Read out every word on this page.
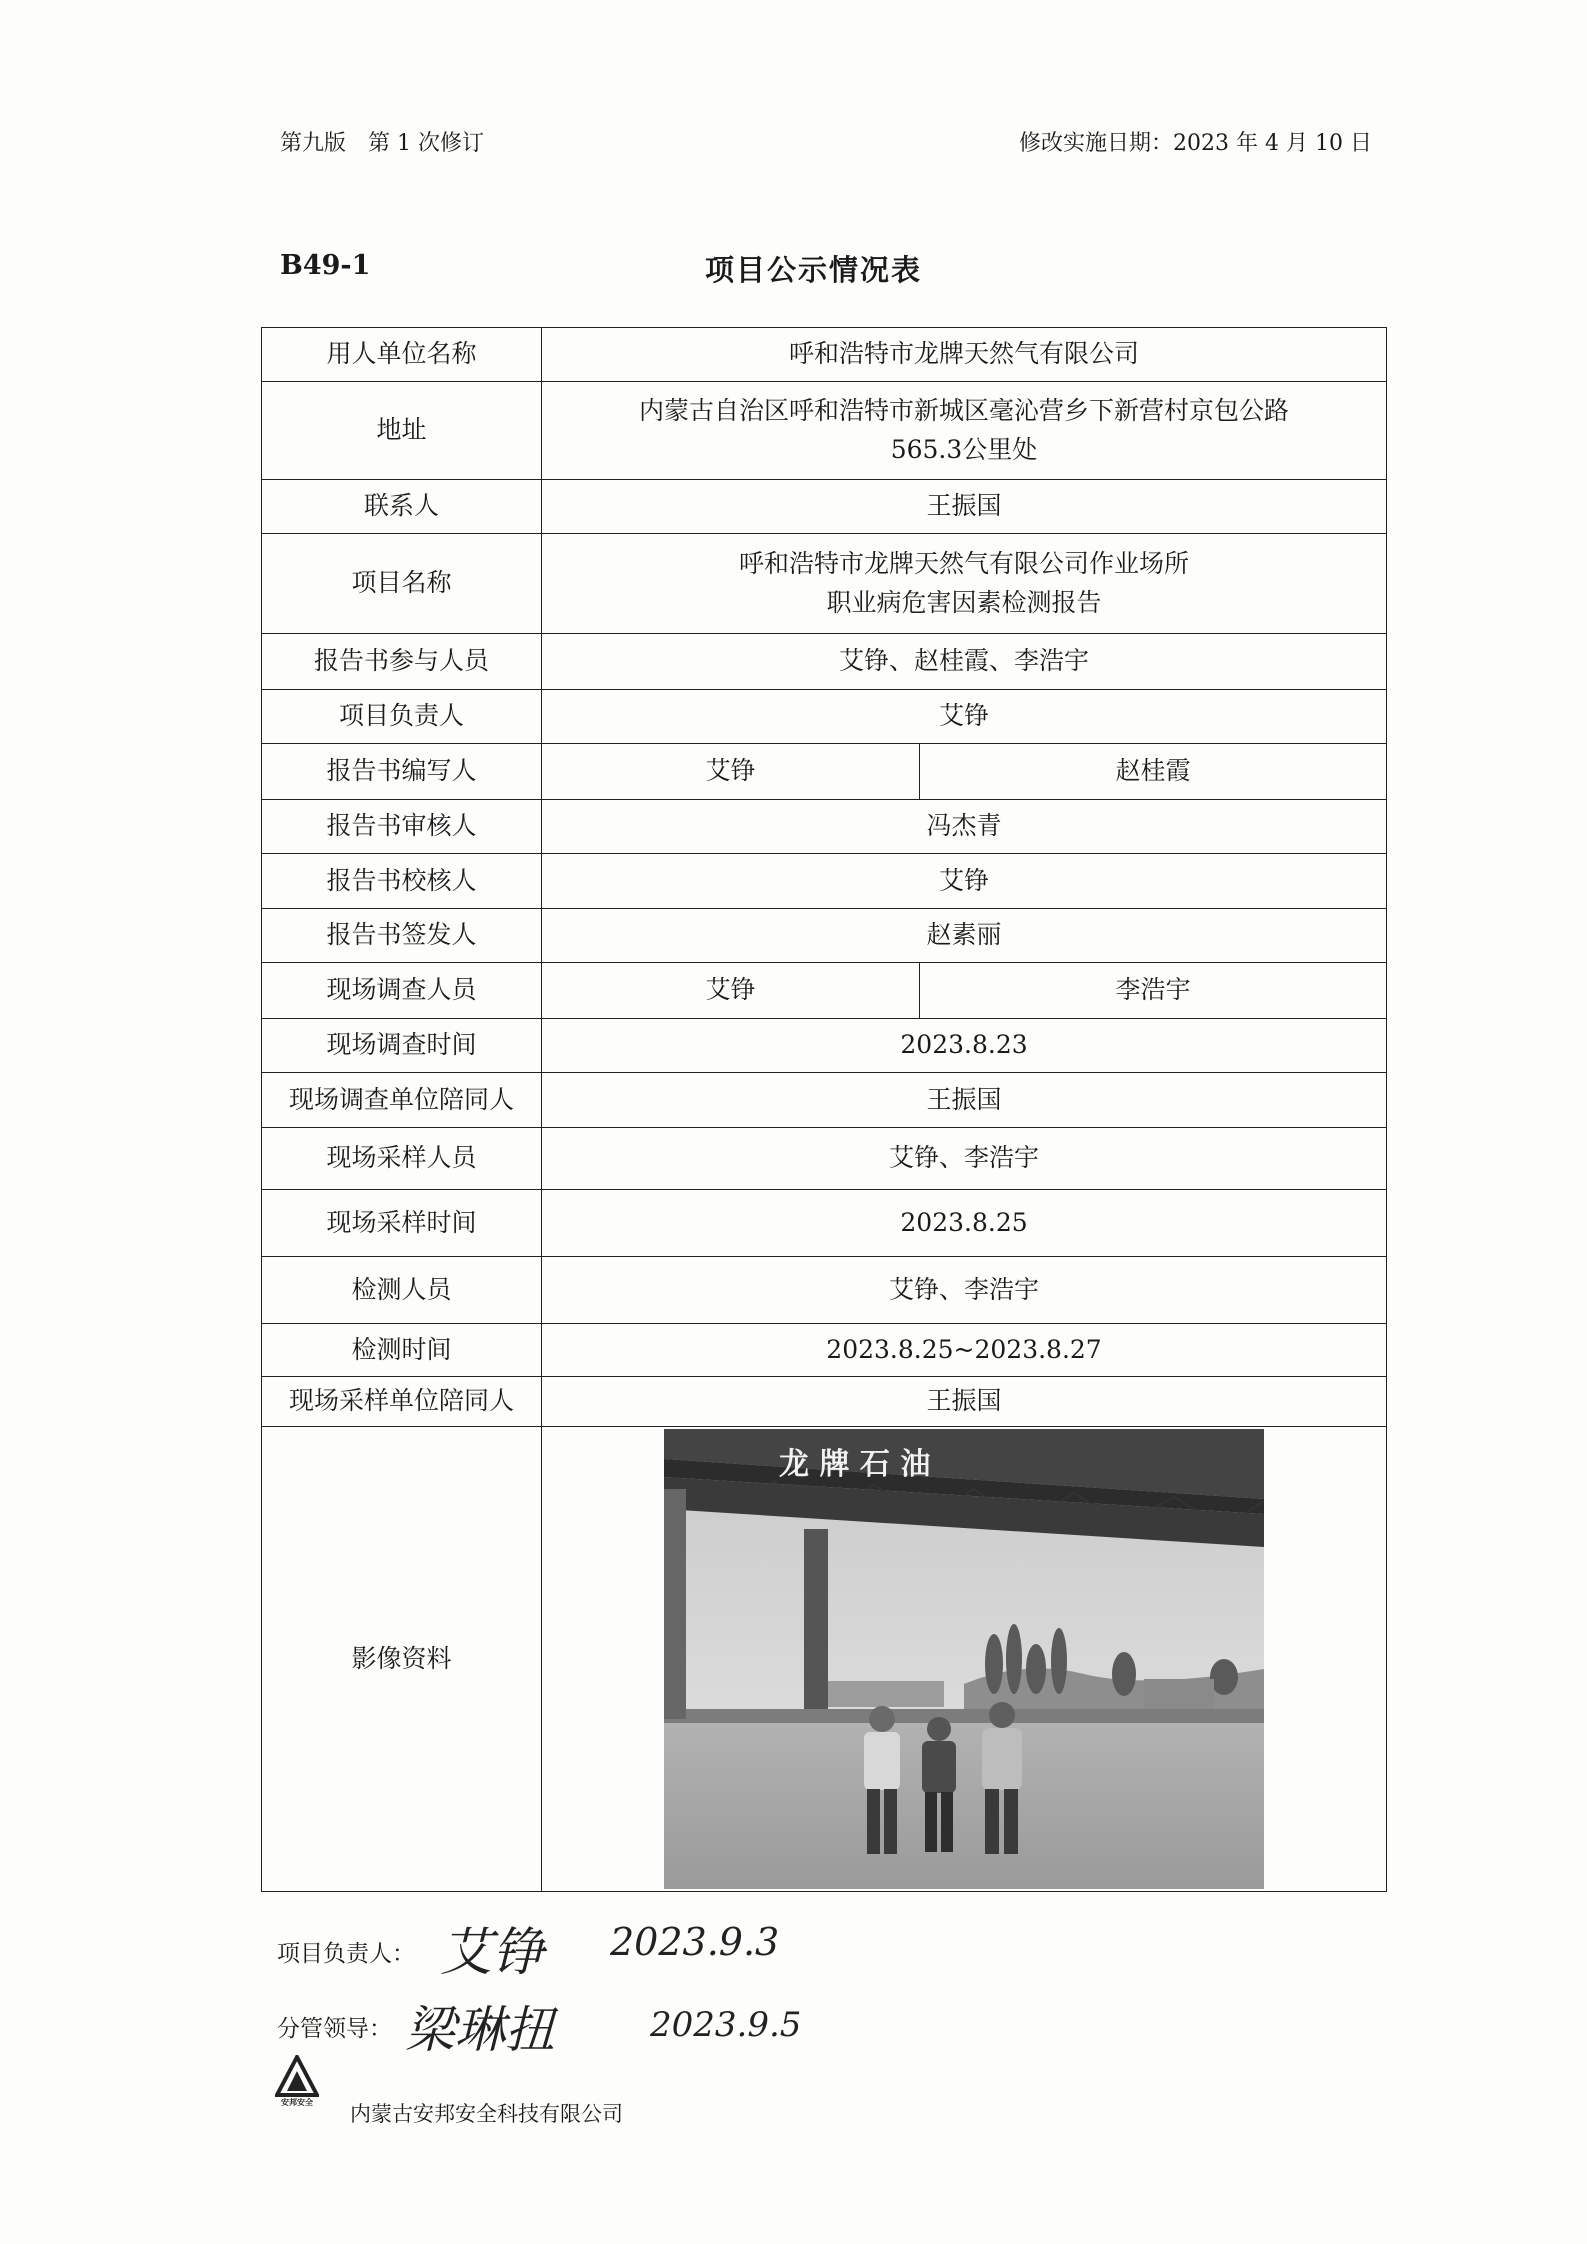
第九版　第 1 次修订	修改实施日期：2023 年 4 月 10 日
B49-1	项目公示情况表
用人单位名称	呼和浩特市龙牌天然气有限公司	
地址	内蒙古自治区呼和浩特市新城区毫沁营乡下新营村京包公路
565.3公里处	

联系人	王振国	
项目名称	呼和浩特市龙牌天然气有限公司作业场所
职业病危害因素检测报告	

报告书参与人员	艾铮、赵桂霞、李浩宇	
项目负责人	艾铮	
报告书编写人	艾铮	赵桂霞
报告书审核人	冯杰青	
报告书校核人	艾铮	
报告书签发人	赵素丽	
现场调查人员	艾铮	李浩宇
现场调查时间	2023.8.23	
现场调查单位陪同人	王振国	
现场采样人员	艾铮、李浩宇	
现场采样时间	2023.8.25	
检测人员	艾铮、李浩宇	
检测时间	2023.8.25~2023.8.27	
现场采样单位陪同人	王振国	
影像资料	龙 牌 石 油	
项目负责人： 艾铮 2023.9.3
分管领导： 梁琳扭	2023.9.5
安邦安全 内蒙古安邦安全科技有限公司
